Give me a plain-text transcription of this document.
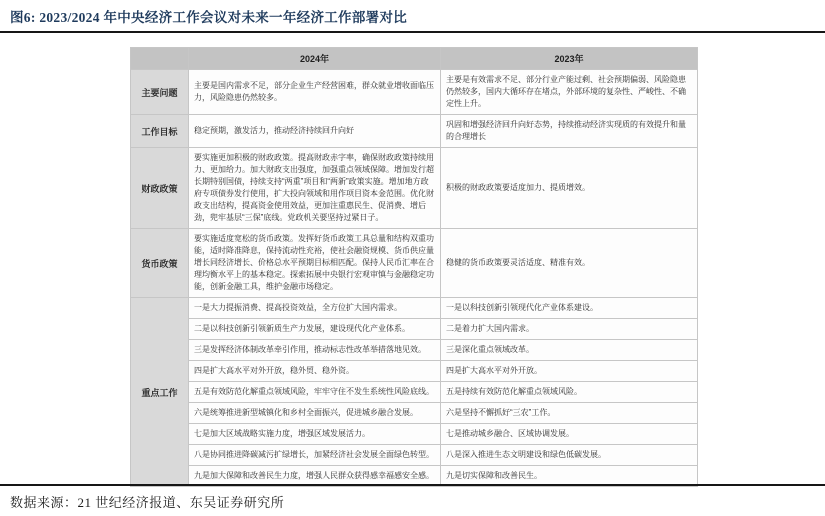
图6: 2023/2024 年中央经济工作会议对未来一年经济工作部署对比
	2024年	2023年
主要问题	主要是国内需求不足，部分企业生产经营困难，群众就业增收面临压力，风险隐患仍然较多。	主要是有效需求不足、部分行业产能过剩、社会预期偏弱、风险隐患仍然较多，国内大循环存在堵点，外部环境的复杂性、严峻性、不确定性上升。
工作目标	稳定预期，激发活力，推动经济持续回升向好	巩固和增强经济回升向好态势，持续推动经济实现质的有效提升和量的合理增长
财政政策	要实施更加积极的财政政策。提高财政赤字率，确保财政政策持续用力、更加给力。加大财政支出强度，加强重点领域保障。增加发行超长期特别国债，持续支持“两重”项目和“两新”政策实施。增加地方政府专项债券发行使用，扩大投向领域和用作项目资本金范围。优化财政支出结构，提高资金使用效益，更加注重惠民生、促消费、增后劲，兜牢基层“三保”底线。党政机关要坚持过紧日子。	积极的财政政策要适度加力、提质增效。
货币政策	要实施适度宽松的货币政策。发挥好货币政策工具总量和结构双重功能，适时降准降息，保持流动性充裕，使社会融资规模、货币供应量增长同经济增长、价格总水平预期目标相匹配。保持人民币汇率在合理均衡水平上的基本稳定。探索拓展中央银行宏观审慎与金融稳定功能，创新金融工具，维护金融市场稳定。	稳健的货币政策要灵活适度、精准有效。
重点工作	一是大力提振消费、提高投资效益，全方位扩大国内需求。	一是以科技创新引领现代化产业体系建设。
	二是以科技创新引领新质生产力发展，建设现代化产业体系。	二是着力扩大国内需求。
	三是发挥经济体制改革牵引作用，推动标志性改革举措落地见效。	三是深化重点领域改革。
	四是扩大高水平对外开放，稳外贸、稳外资。	四是扩大高水平对外开放。
	五是有效防范化解重点领域风险，牢牢守住不发生系统性风险底线。	五是持续有效防范化解重点领域风险。
	六是统筹推进新型城镇化和乡村全面振兴，促进城乡融合发展。	六是坚持不懈抓好“三农”工作。
	七是加大区域战略实施力度，增强区域发展活力。	七是推动城乡融合、区域协调发展。
	八是协同推进降碳减污扩绿增长，加紧经济社会发展全面绿色转型。	八是深入推进生态文明建设和绿色低碳发展。
	九是加大保障和改善民生力度，增强人民群众获得感幸福感安全感。	九是切实保障和改善民生。
数据来源：21 世纪经济报道、东吴证券研究所
